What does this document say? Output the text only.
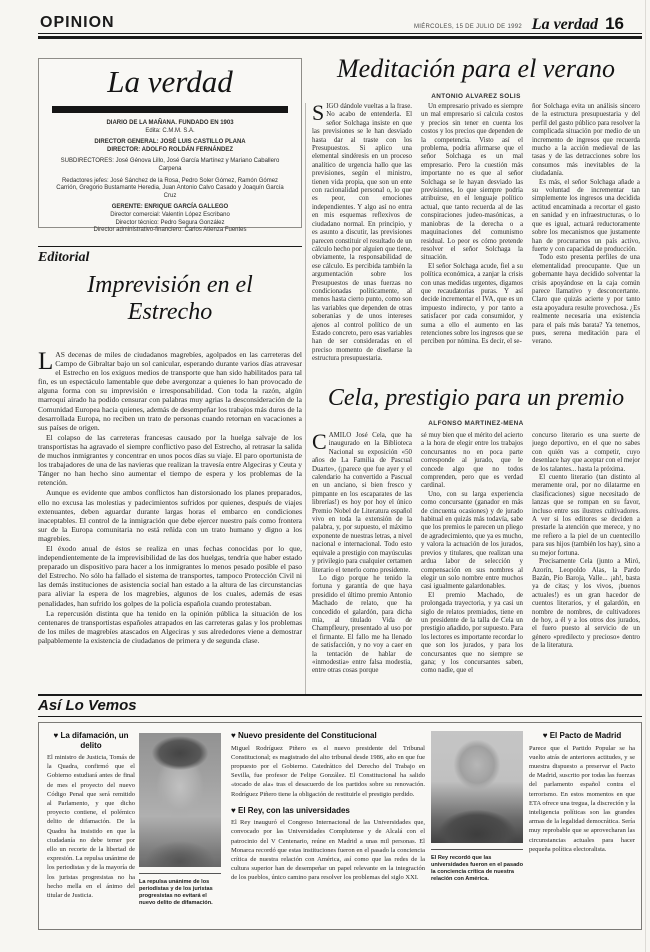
OPINION	MIÉRCOLES, 15 DE JULIO DE 1992 La verdad 16
La verdad
DIARIO DE LA MAÑANA. FUNDADO EN 1903
Edita: C.M.M. S.A.
DIRECTOR GENERAL: JOSÉ LUIS CASTILLO PLANA
DIRECTOR: ADOLFO ROLDÁN FERNÁNDEZ
SUBDIRECTORES: José Génova Lillo, José García Martínez y Mariano Caballero Carpena
Redactores jefes: José Sánchez de la Rosa, Pedro Soler Gómez, Ramón Gómez Carrión, Gregorio Bustamante Heredia, Juan Antonio Calvo Casado y Joaquín García Cruz
GERENTE: ENRIQUE GARCÍA GALLEGO
Director comercial: Valentín López Escribano
Director técnico: Pedro Segura González
Director administrativo-financiero: Carlos Atienza Fuentes
Editorial
Imprevisión en el Estrecho

LAS decenas de miles de ciudadanos magrebíes, agolpados en las carreteras del Campo de Gibraltar bajo un sol canicular, esperando durante varios días atravesar el Estrecho en los exiguos medios de transporte que han sido habilitados para tal fin, es un espectáculo lamentable que debe avergonzar a quienes lo han provocado de alguna forma con su imprevisión e irresponsabilidad. Con toda la razón, algún marroquí airado ha podido censurar con palabras muy agrias la desconsideración de la Comunidad Europea hacia quienes, además de desempeñar los trabajos más duros de la desarrollada Europa, no reciben un trato de personas cuando retornan en vacaciones a sus países de origen.

El colapso de las carreteras francesas causado por la huelga salvaje de los transportistas ha agravado el siempre conflictivo paso del Estrecho, al retrasar la salida de muchos inmigrantes y concentrar en unos pocos días su viaje. El paro oportunista de los trabajadores de una de las navieras que realizan la travesía entre Algeciras y Ceuta y Tánger no han hecho sino aumentar el tiempo de espera y los problemas de la retención.

Aunque es evidente que ambos conflictos han distorsionado los planes preparados, ello no excusa las molestias y padecimientos sufridos por quienes, después de viajes extenuantes, deben aguardar durante largas horas el embarco en condiciones inaceptables. El control de la inmigración que debe ejercer nuestro país como frontera sur de la Europa comunitaria no está reñida con un trato humano y digno a los magrebíes.

El éxodo anual de éstos se realiza en unas fechas conocidas por lo que, independientemente de la imprevisibilidad de las dos huelgas, tendría que haber estado preparado un dispositivo para hacer a los inmigrantes lo menos pesado posible el paso del Estrecho. No sólo ha fallado el sistema de transportes, tampoco Protección Civil ni las demás instituciones de asistencia social han estado a la altura de las circunstancias para aliviar la espera de los magrebíes, algunos de los cuales, además de esas penalidades, han sufrido los golpes de la policía española cuando protestaban.

La repercusión distinta que ha tenido en la opinión pública la situación de los centenares de transportistas españoles atrapados en las carreteras galas y los problemas de los miles de magrebíes atascados en Algeciras y sus alrededores viene a demostrar palpablemente la existencia de ciudadanos de primera y de segunda clase.

Meditación para el verano
ANTONIO ALVAREZ SOLIS

SIGO dándole vueltas a la frase. No acabo de entenderla. El señor Solchaga insiste en que las previsiones se le han desviado hasta dar al traste con los Presupuestos. Si aplico una elemental sindéresis en un proceso analítico de urgencia hallo que las previsiones, según el ministro, tienen vida propia, que son un ente con racionalidad personal o, lo que es peor, con emociones independientes. Y algo así no entra en mis esquemas reflexivos de ciudadano normal. En principio, y es asunto a discutir, las previsiones parecen constituir el resultado de un cálculo hecho por alguien que tiene, obviamente, la responsabilidad de ese cálculo. Es percibida también la argumentación sobre los Presupuestos de unas fuerzas no condicionadas políticamente, al menos hasta cierto punto, como son las variables que dependen de otras soberanías y de unos intereses ajenos al control político de un Estado concreto, pero esas variables han de ser consideradas en el preciso momento de diseñarse la estructura presupuestaria.

Un empresario privado es siempre un mal empresario si calcula costos y precios sin tener en cuenta los costos y los precios que dependen de la competencia. Visto así el problema, podría afirmarse que el señor Solchaga es un mal empresario. Pero la cuestión más importante no es que al señor Solchaga se le hayan desviado las previsiones, lo que siempre podría atribuirse, en el lenguaje político actual, que tanto recuerda al de las conspiraciones judeo-masónicas, a maniobras de la derecha o a maquinaciones del comunismo residual. Lo peor es cómo pretende resolver el señor Solchaga la situación.

El señor Solchaga acude, fiel a su política económica, a zanjar la crisis con unas medidas urgentes, digamos que recaudatorias puras. Y así decide incrementar el IVA, que es un impuesto indirecto, y por tanto a satisfacer por cada consumidor, y suma a ello el aumento en las retenciones sobre los ingresos que se perciben por nómina. Es decir, el se-

ñor Solchaga evita un análisis sincero de la estructura presupuestaria y del perfil del gasto público para resolver la complicada situación por medio de un incremento de ingresos que recuerda mucho a la acción medieval de las tasas y de las detracciones sobre los consumos más inevitables de la ciudadanía.

Es más, el señor Solchaga añade a su voluntad de incrementar tan simplemente los ingresos una decidida actitud encaminada a recortar el gasto en sanidad y en infraestructuras, o lo que es igual, actuará reductoramente sobre los mecanismos que justamente han de procurarnos un país activo, fuerte y con capacidad de producción.

Todo esto presenta perfiles de una elementalidad preocupante. Que un gobernante haya decidido solventar la crisis apoyándose en la caja común parece llamativo y desconcertante. Claro que quizás acierte y por tanto esta apoyadura resulte provechosa. ¿Es realmente necesaria una existencia para el país más barata? Ya tenemos, pues, serena meditación para el verano.

Cela, prestigio para un premio
ALFONSO MARTINEZ-MENA

CAMILO José Cela, que ha inaugurado en la Biblioteca Nacional su exposición «50 años de La Familia de Pascual Duarte», (¡parece que fue ayer y el calendario ha convertido a Pascual en un anciano, si bien fresco y pimpante en los escaparates de las librerías!) es hoy por hoy el único Premio Nobel de Literatura español vivo en toda la extensión de la palabra, y, por supuesto, el máximo exponente de nuestras letras, a nivel nacional e internacional. Todo esto equivale a prestigio con mayúsculas y privilegio para cualquier certamen literario el tenerlo como presidente.

Lo digo porque he tenido la fortuna y garantía de que haya presidido el último premio Antonio Machado de relato, que ha concedido el galardón, para dicha mía, al titulado Vida de Champfleury, presentado al uso por el firmante. El fallo me ha llenado de satisfacción, y no voy a caer en la tentación de hablar de «inmodestia» entre falsa modestia, entre otras cosas porque

sé muy bien que el mérito del acierto a la hora de elegir entre los trabajos concursantes no en poca parte corresponde al jurado, que le concede algo que no todos comprenden, pero que es verdad cardinal.

Uno, con su larga experiencia como concursante (ganador en más de cincuenta ocasiones) y de jurado habitual en quizás más todavía, sabe que los premios le parecen un pliego de agradecimiento, que ya es mucho, y valora la actuación de los jurados, previos y titulares, que realizan una ardua labor de selección y compensación en sus nombres al elegir un solo nombre entre muchos casi igualmente galardonables.

El premio Machado, de prolongada trayectoria, y ya casi un siglo de relatos premiados, tiene en un presidente de la talla de Cela un prestigio añadido, por supuesto. Para los lectores es importante recordar lo que son los jurados, y para los concursantes que no siempre se gana; y los concursantes saben, como nadie, que el

concurso literario es una suerte de juego deportivo, en el que no sabes con quién vas a competir, cuyo desenlace hay que aceptar con el mejor de los talantes... hasta la próxima.

El cuento literario (tan distinto al meramente oral, por no dilatarme en clasificaciones) sigue necesitado de lanzas que se rompan en su favor, incluso entre sus ilustres cultivadores. A ver si los editores se deciden a prestarle la atención que merece, y no me refiero a la piel de un cuentecillo para sus hijos (también los hay), sino a su mejor fortuna.

Precisamente Cela (junto a Miró, Azorín, Leopoldo Alas, la Pardo Bazán, Pío Baroja, Valle... ¡ah!, basta ya de citas; y los vivos, ¡buenos actuales!) es un gran hacedor de cuentos literarios, y el galardón, en nombre de nombres, de cultivadores de hoy, a él y a los otros dos jurados, el fuero puesto al servicio de un género «predilecto y precioso» dentro de la literatura.

Así Lo Vemos
♥ La difamación, un delito
El ministro de Justicia, Tomás de la Quadra, confirmó que el Gobierno estudiará antes de final de mes el proyecto del nuevo Código Penal que será remitido al Parlamento, y que dicho proyecto contiene, el polémico delito de difamación. De la Quadra ha insistido en que la ciudadanía no debe temer por ello un recorte de la libertad de expresión. La repulsa unánime de los periodistas y de la mayoría de los juristas progresistas no ha hecho mella en el ánimo del titular de Justicia.
La repulsa unánime de los periodistas y de los juristas progresistas no evitará el nuevo delito de difamación.
♥ Nuevo presidente del Constitucional
Miguel Rodríguez Piñero es el nuevo presidente del Tribunal Constitucional; es magistrado del alto tribunal desde 1986, año en que fue propuesto por el Gobierno. Catedrático del Derecho del Trabajo en Sevilla, fue profesor de Felipe González. El Constitucional ha salido «tocado de ala» tras el desacuerdo de los partidos sobre su renovación. Rodríguez Piñero tiene la obligación de restituirle el prestigio perdido.
♥ El Rey, con las universidades
El Rey inauguró el Congreso Internacional de las Universidades que, convocado por las Universidades Complutense y de Alcalá con el patrocinio del V Centenario, reúne en Madrid a unas mil personas. El Monarca recordó que estas instituciones fueron en el pasado la conciencia crítica de nuestra relación con América, así como que las redes de la cultura superior han de desempeñar un papel relevante en la integración de los pueblos, único camino para resolver los problemas del siglo XXI.
El Rey recordó que las universidades fueron en el pasado la conciencia crítica de nuestra relación con América.
♥ El Pacto de Madrid
Parece que el Partido Popular se ha vuelto atrás de anteriores actitudes, y se muestra dispuesto a preservar el Pacto de Madrid, suscrito por todas las fuerzas del parlamento español contra el terrorismo. En estos momentos en que ETA ofrece una tregua, la discreción y la inteligencia políticas son las grandes armas de la legalidad democrática. Sería muy reprobable que se aprovecharan las circunstancias actuales para hacer pequeña política electoralista.
